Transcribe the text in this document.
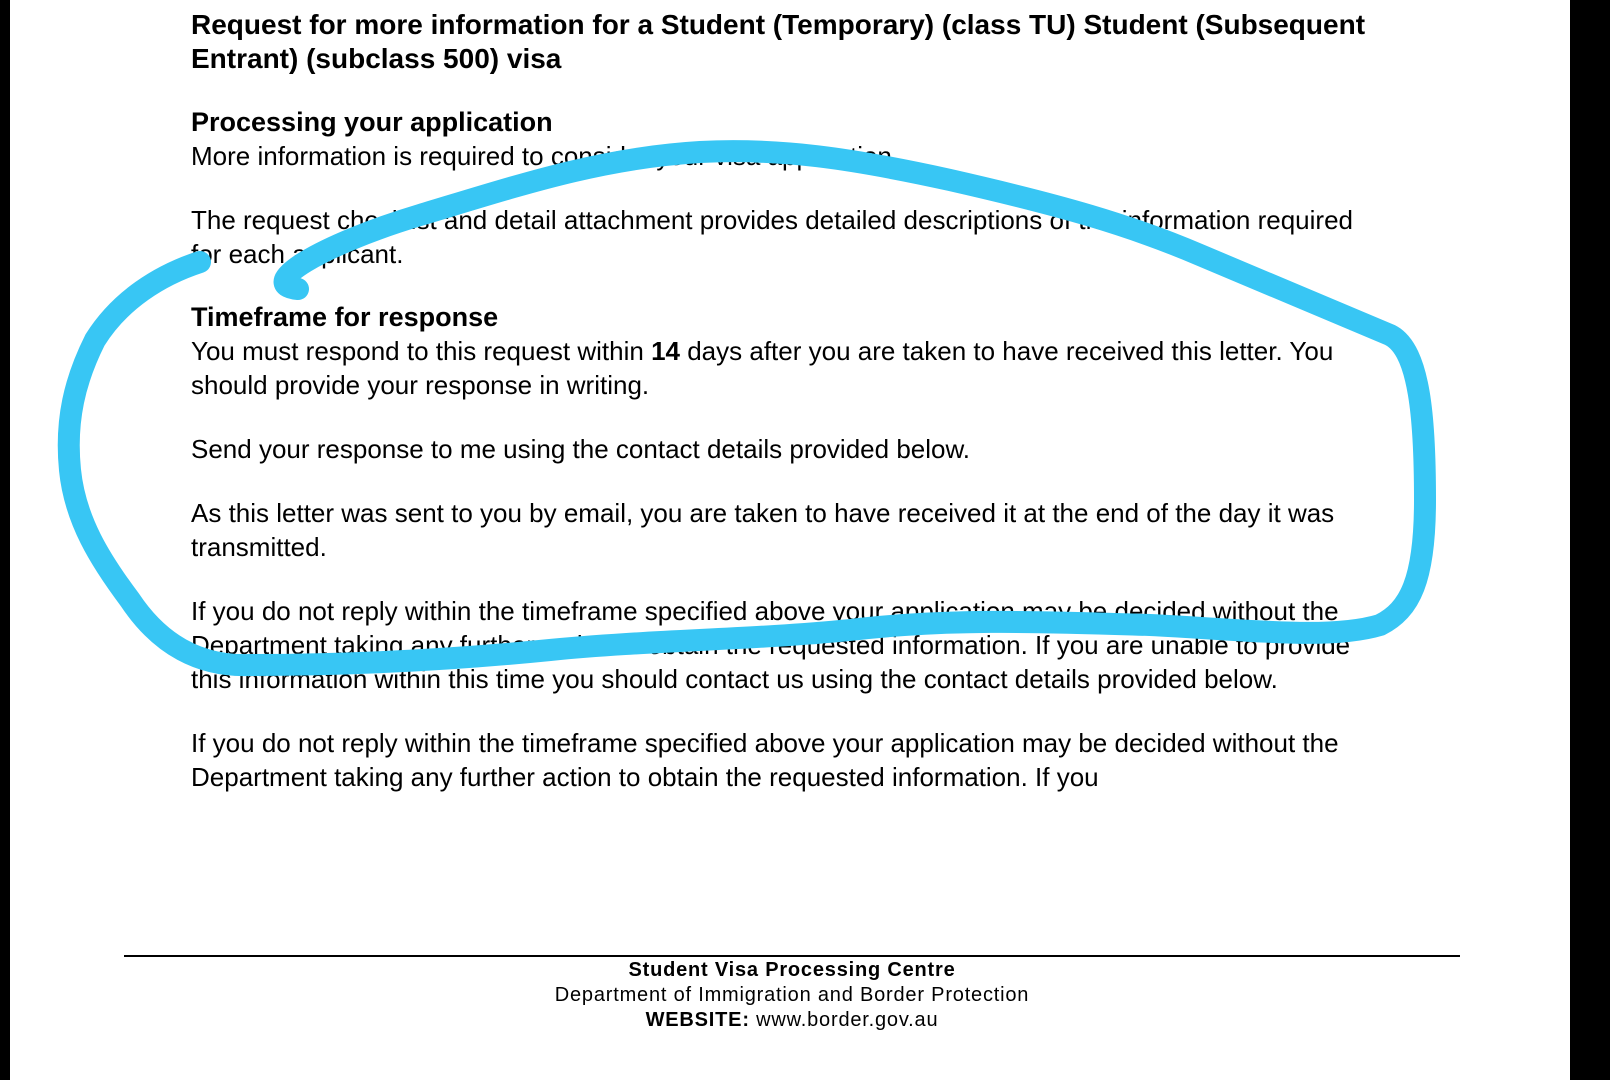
Request for more information for a Student (Temporary) (class TU) Student (Subsequent Entrant) (subclass 500) visa

Processing your application

More information is required to consider your visa application.

The request checklist and detail attachment provides detailed descriptions of the information required for each applicant.

Timeframe for response

You must respond to this request within 14 days after you are taken to have received this letter. You should provide your response in writing.

Send your response to me using the contact details provided below.

As this letter was sent to you by email, you are taken to have received it at the end of the day it was transmitted.

If you do not reply within the timeframe specified above your application may be decided without the Department taking any further action to obtain the requested information. If you are unable to provide this information within this time you should contact us using the contact details provided below.

If you do not reply within the timeframe specified above your application may be decided without the Department taking any further action to obtain the requested information. If you

Student Visa Processing Centre
Department of Immigration and Border Protection
WEBSITE: www.border.gov.au
